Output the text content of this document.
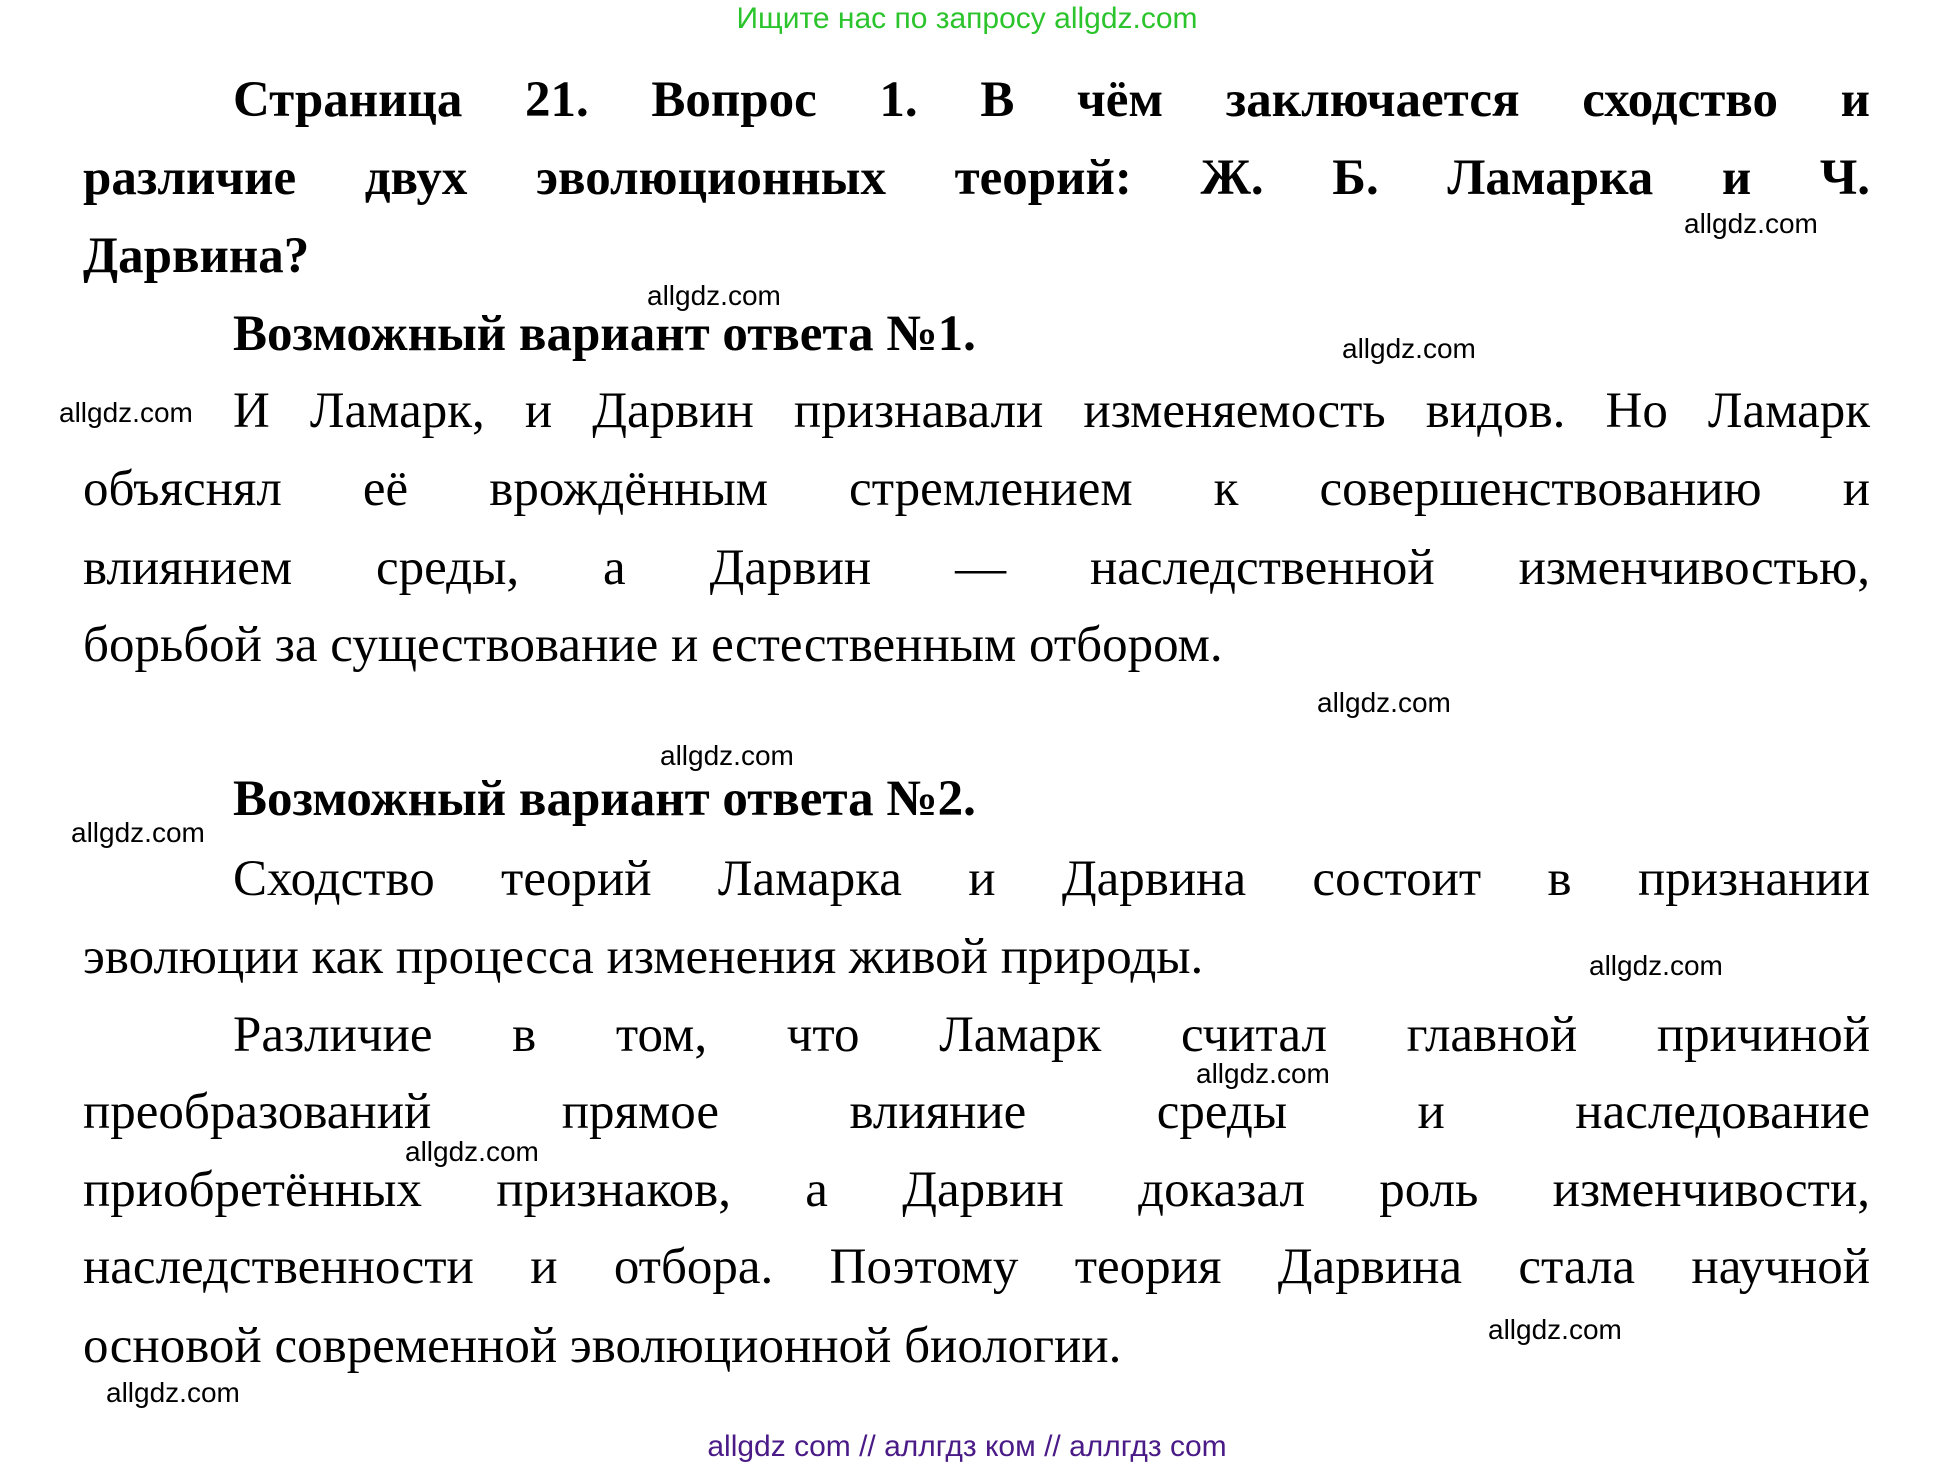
Ищите нас по запросу allgdz.com
Страница 21. Вопрос 1. В чём заключается сходство и
различие двух эволюционных теорий: Ж. Б. Ламарка и Ч.
Дарвина?
Возможный вариант ответа №1.
И Ламарк, и Дарвин признавали изменяемость видов. Но Ламарк
объяснял её врождённым стремлением к совершенствованию и
влиянием среды, а Дарвин — наследственной изменчивостью,
борьбой за существование и естественным отбором.
Возможный вариант ответа №2.
Сходство теорий Ламарка и Дарвина состоит в признании
эволюции как процесса изменения живой природы.
Различие в том, что Ламарк считал главной причиной
преобразований прямое влияние среды и наследование
приобретённых признаков, а Дарвин доказал роль изменчивости,
наследственности и отбора. Поэтому теория Дарвина стала научной
основой современной эволюционной биологии.
allgdz.com
allgdz.com
allgdz.com
allgdz.com
allgdz.com
allgdz.com
allgdz.com
allgdz.com
allgdz.com
allgdz.com
allgdz.com
allgdz.com
allgdz com // аллгдз ком // аллгдз com
